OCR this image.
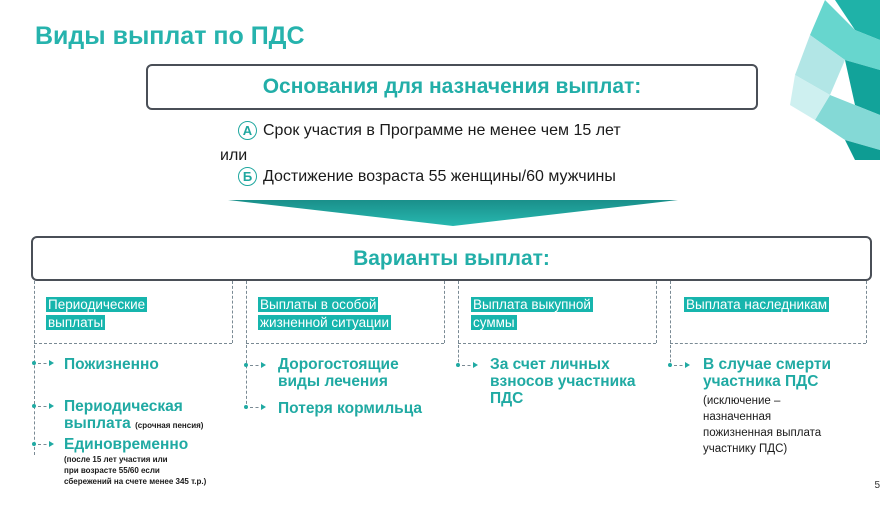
Виды выплат по ПДС
Основания для назначения выплат:
А Срок участия в Программе не менее чем 15 лет
или
Б Достижение возраста 55 женщины/60 мужчины
Варианты выплат:
Периодические
выплаты
Выплаты в особой
жизненной ситуации
Выплата выкупной
суммы
Выплата наследникам
Пожизненно
Периодическая
выплата (срочная пенсия)
Единовременно
(после 15 лет участия или
при возрасте 55/60 если
сбережений на счете менее 345 т.р.)
Дорогостоящие
виды лечения
Потеря кормильца
За счет личных
взносов участника
ПДС
В случае смерти
участника ПДС
(исключение –
назначенная
пожизненная выплата
участнику ПДС)
5
